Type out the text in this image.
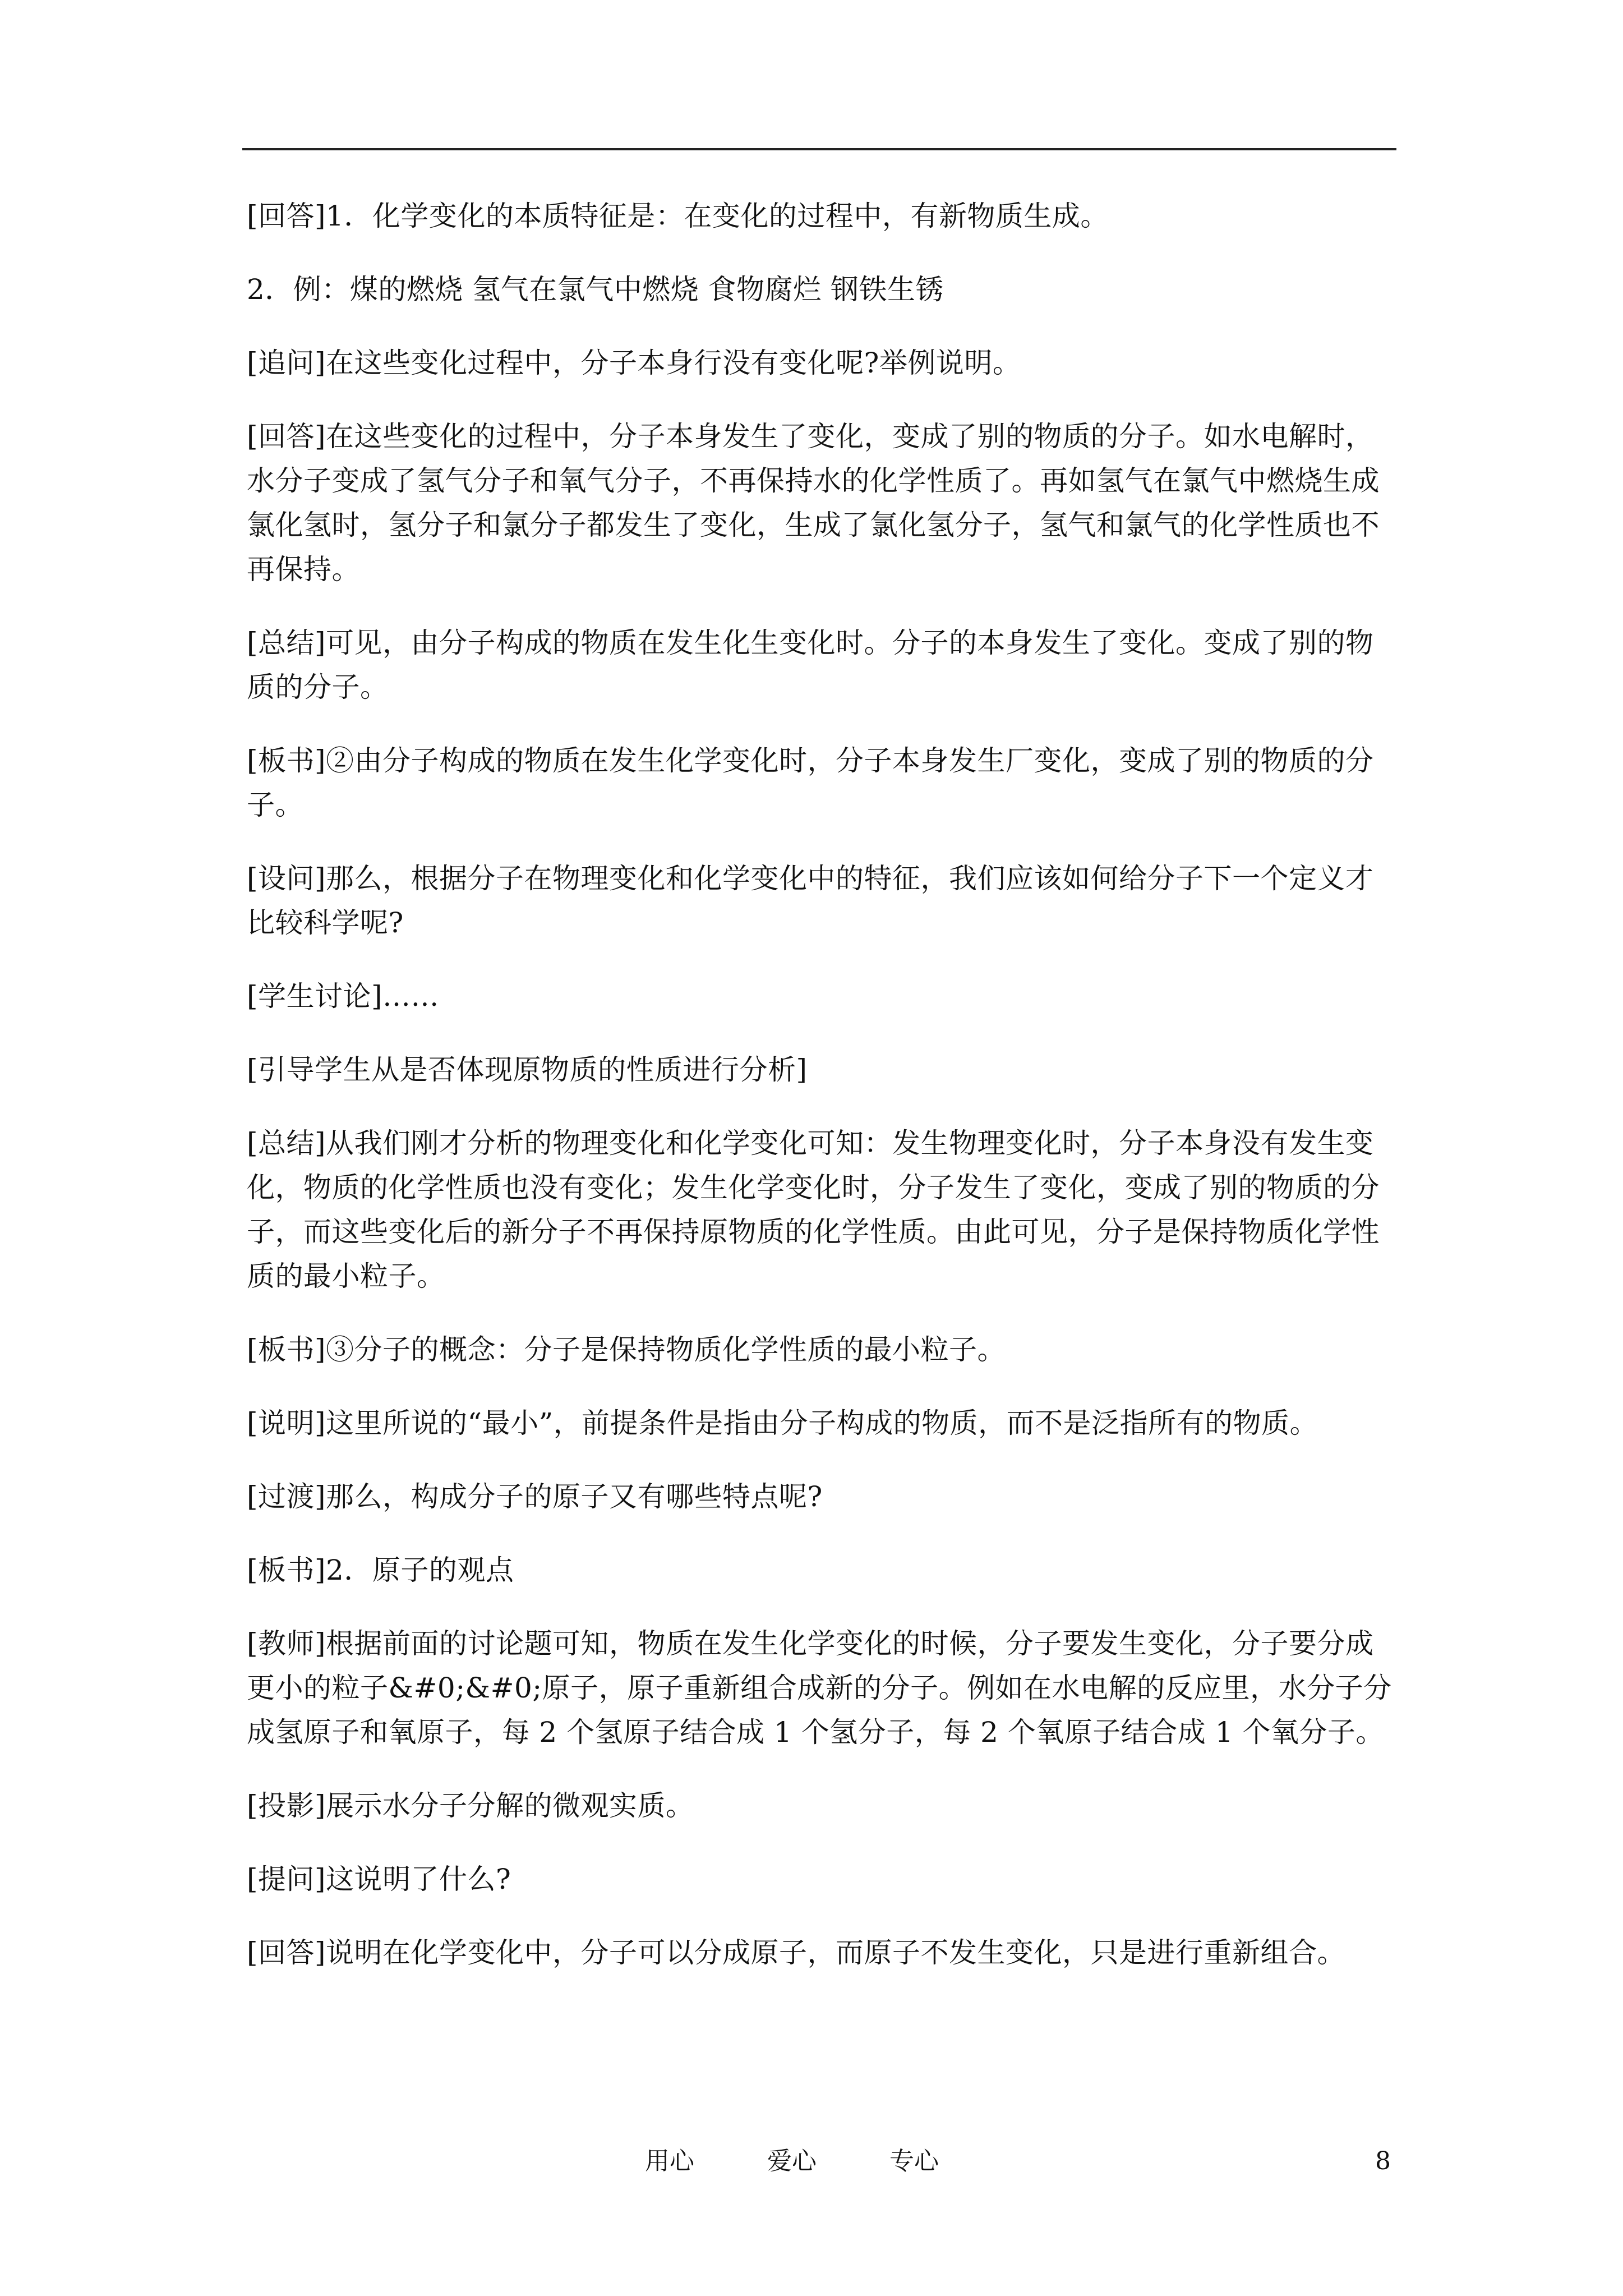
[回答]1．化学变化的本质特征是：在变化的过程中，有新物质生成。

2．例：煤的燃烧 氢气在氯气中燃烧 食物腐烂 钢铁生锈

[追问]在这些变化过程中，分子本身行没有变化呢?举例说明。

[回答]在这些变化的过程中，分子本身发生了变化，变成了别的物质的分子。如水电解时，水分子变成了氢气分子和氧气分子，不再保持水的化学性质了。再如氢气在氯气中燃烧生成氯化氢时，氢分子和氯分子都发生了变化，生成了氯化氢分子，氢气和氯气的化学性质也不再保持。

[总结]可见，由分子构成的物质在发生化生变化时。分子的本身发生了变化。变成了别的物质的分子。

[板书]②由分子构成的物质在发生化学变化时，分子本身发生厂变化，变成了别的物质的分子。

[设问]那么，根据分子在物理变化和化学变化中的特征，我们应该如何给分子下一个定义才比较科学呢?

[学生讨论]……

[引导学生从是否体现原物质的性质进行分析]

[总结]从我们刚才分析的物理变化和化学变化可知：发生物理变化时，分子本身没有发生变化，物质的化学性质也没有变化；发生化学变化时，分子发生了变化，变成了别的物质的分子，而这些变化后的新分子不再保持原物质的化学性质。由此可见，分子是保持物质化学性质的最小粒子。

[板书]③分子的概念：分子是保持物质化学性质的最小粒子。

[说明]这里所说的“最小”，前提条件是指由分子构成的物质，而不是泛指所有的物质。

[过渡]那么，构成分子的原子又有哪些特点呢?

[板书]2．原子的观点

[教师]根据前面的讨论题可知，物质在发生化学变化的时候，分子要发生变化，分子要分成更小的粒子&#0;&#0;原子，原子重新组合成新的分子。例如在水电解的反应里，水分子分成氢原子和氧原子，每 2 个氢原子结合成 1 个氢分子，每 2 个氧原子结合成 1 个氧分子。

[投影]展示水分子分解的微观实质。

[提问]这说明了什么?

[回答]说明在化学变化中，分子可以分成原子，而原子不发生变化，只是进行重新组合。

用心	爱心	专心	8
